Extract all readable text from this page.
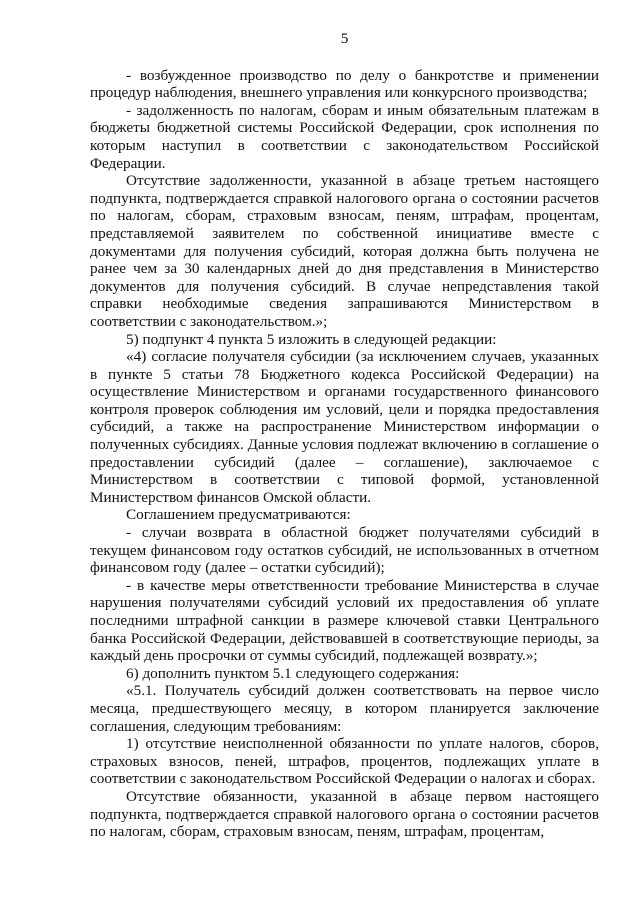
5

- возбужденное производство по делу о банкротстве и применении процедур наблюдения, внешнего управления или конкурсного производства;

- задолженность по налогам, сборам и иным обязательным платежам в бюджеты бюджетной системы Российской Федерации, срок исполнения по которым наступил в соответствии с законодательством Российской Федерации.

Отсутствие задолженности, указанной в абзаце третьем настоящего подпункта, подтверждается справкой налогового органа о состоянии расчетов по налогам, сборам, страховым взносам, пеням, штрафам, процентам, представляемой заявителем по собственной инициативе вместе с документами для получения субсидий, которая должна быть получена не ранее чем за 30 календарных дней до дня представления в Министерство документов для получения субсидий. В случае непредставления такой справки необходимые сведения запрашиваются Министерством в соответствии с законодательством.»;

5) подпункт 4 пункта 5 изложить в следующей редакции:

«4) согласие получателя субсидии (за исключением случаев, указанных в пункте 5 статьи 78 Бюджетного кодекса Российской Федерации) на осуществление Министерством и органами государственного финансового контроля проверок соблюдения им условий, цели и порядка предоставления субсидий, а также на распространение Министерством информации о полученных субсидиях. Данные условия подлежат включению в соглашение о предоставлении субсидий (далее – соглашение), заключаемое с Министерством в соответствии с типовой формой, установленной Министерством финансов Омской области.

Соглашением предусматриваются:

- случаи возврата в областной бюджет получателями субсидий в текущем финансовом году остатков субсидий, не использованных в отчетном финансовом году (далее – остатки субсидий);

- в качестве меры ответственности требование Министерства в случае нарушения получателями субсидий условий их предоставления об уплате последними штрафной санкции в размере ключевой ставки Центрального банка Российской Федерации, действовавшей в соответствующие периоды, за каждый день просрочки от суммы субсидий, подлежащей возврату.»;

6) дополнить пунктом 5.1 следующего содержания:

«5.1. Получатель субсидий должен соответствовать на первое число месяца, предшествующего месяцу, в котором планируется заключение соглашения, следующим требованиям:

1) отсутствие неисполненной обязанности по уплате налогов, сборов, страховых взносов, пеней, штрафов, процентов, подлежащих уплате в соответствии с законодательством Российской Федерации о налогах и сборах.

Отсутствие обязанности, указанной в абзаце первом настоящего подпункта, подтверждается справкой налогового органа о состоянии расчетов по налогам, сборам, страховым взносам, пеням, штрафам, процентам,
